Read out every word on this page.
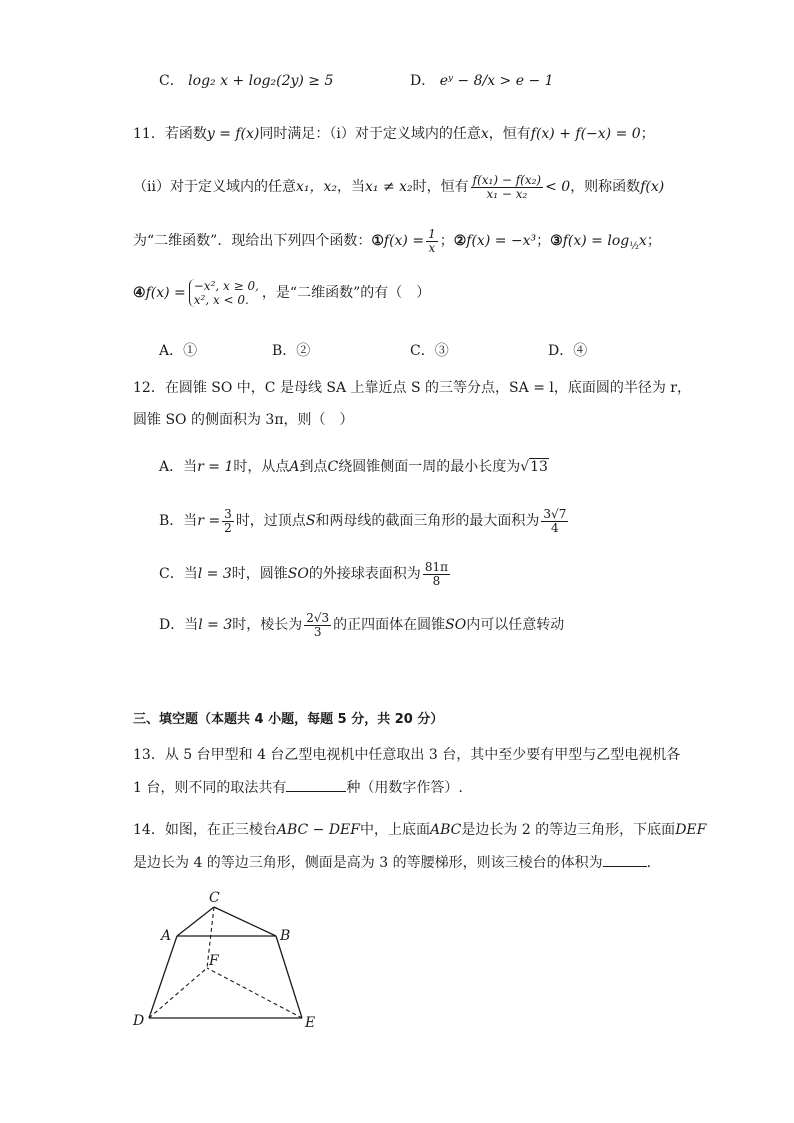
C． log₂ x + log₂(2y) ≥ 5	D． eʸ − 8/x > e − 1
11．若函数y = f(x)同时满足：（ⅰ）对于定义域内的任意x，恒有f(x) + f(−x) = 0；
（ⅱ）对于定义域内的任意x₁，x₂，当x₁ ≠ x₂时，恒有 $\frac{\text{f(x₁) − f(x₂)}}{\text{x₁ − x₂}} < 0$，则称函数f(x)
为“二维函数”．现给出下列四个函数：①f(x) = $\frac{1}{x}$ ；②f(x) = −x³；③f(x) = $\log_{\frac{1}{2}}x$；
④f(x) = −x², x ≥ 0,
x², x < 0. ，是“二维函数”的有（　）
A．①	B．②	C．③	D．④
12．在圆锥 SO 中，C 是母线 SA 上靠近点 S 的三等分点，SA = l，底面圆的半径为 r，
圆锥 SO 的侧面积为 3π，则（　）
A．当r = 1时，从点A到点C绕圆锥侧面一周的最小长度为√13
B．当$r = \frac{3}{2}$ 时，过顶点S和两母线的截面三角形的最大面积为 $\frac{3√7}{4}$
C．当l = 3时，圆锥SO的外接球表面积为 $\frac{81\pi}{8}$
D．当l = 3时，棱长为 $\frac{2√3}{3}$ 的正四面体在圆锥SO内可以任意转动
三、填空题（本题共 4 小题，每题 5 分，共 20 分）
13．从 5 台甲型和 4 台乙型电视机中任意取出 3 台，其中至少要有甲型与乙型电视机各
1 台，则不同的取法共有	种（用数字作答）.
14．如图，在正三棱台ABC − DEF中，上底面ABC是边长为 2 的等边三角形，下底面DEF
是边长为 4 的等边三角形，侧面是高为 3 的等腰梯形，则该三棱台的体积为	.
C
A	B
F
D	E
